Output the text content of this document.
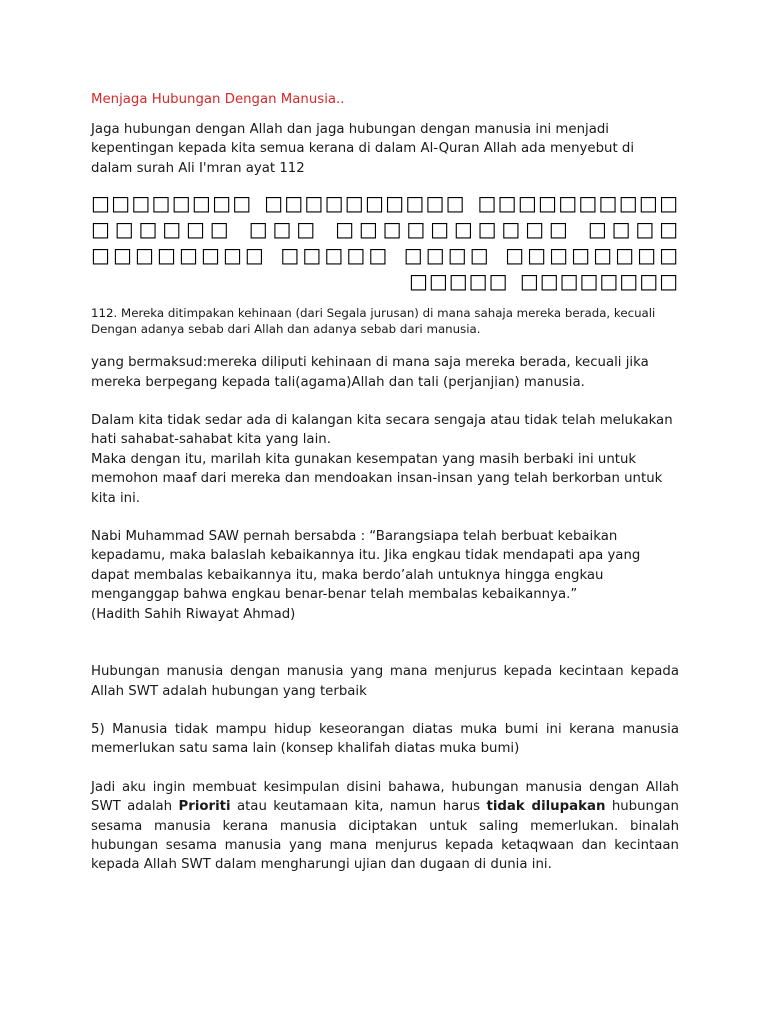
Menjaga Hubungan Dengan Manusia..

Jaga hubungan dengan Allah dan jaga hubungan dengan manusia ini menjadi kepentingan kepada kita semua kerana di dalam Al-Quran Allah ada menyebut di dalam surah Ali I'mran ayat 112

□□□□□□□□ □□□□□□□□□□ □□□□□□□□□□ □□□□□□ □□□ □□□□□□□□□□ □□□□ □□□□□□□□ □□□□□ □□□□ □□□□□□□□ □□□□□ □□□□□□□□

112. Mereka ditimpakan kehinaan (dari Segala jurusan) di mana sahaja mereka berada, kecuali Dengan adanya sebab dari Allah dan adanya sebab dari manusia.

yang bermaksud:mereka diliputi kehinaan di mana saja mereka berada, kecuali jika mereka berpegang kepada tali(agama)Allah dan tali (perjanjian) manusia.

Dalam kita tidak sedar ada di kalangan kita secara sengaja atau tidak telah melukakan hati sahabat-sahabat kita yang lain.

Maka dengan itu, marilah kita gunakan kesempatan yang masih berbaki ini untuk memohon maaf dari mereka dan mendoakan insan-insan yang telah berkorban untuk kita ini.

Nabi Muhammad SAW pernah bersabda : “Barangsiapa telah berbuat kebaikan kepadamu, maka balaslah kebaikannya itu. Jika engkau tidak mendapati apa yang dapat membalas kebaikannya itu, maka berdo’alah untuknya hingga engkau menganggap bahwa engkau benar-benar telah membalas kebaikannya.”

(Hadith Sahih Riwayat Ahmad)

Hubungan manusia dengan manusia yang mana menjurus kepada kecintaan kepada Allah SWT adalah hubungan yang terbaik

5) Manusia tidak mampu hidup keseorangan diatas muka bumi ini kerana manusia memerlukan satu sama lain (konsep khalifah diatas muka bumi)

Jadi aku ingin membuat kesimpulan disini bahawa, hubungan manusia dengan Allah SWT adalah Prioriti atau keutamaan kita, namun harus tidak dilupakan hubungan sesama manusia kerana manusia diciptakan untuk saling memerlukan. binalah hubungan sesama manusia yang mana menjurus kepada ketaqwaan dan kecintaan kepada Allah SWT dalam mengharungi ujian dan dugaan di dunia ini.
